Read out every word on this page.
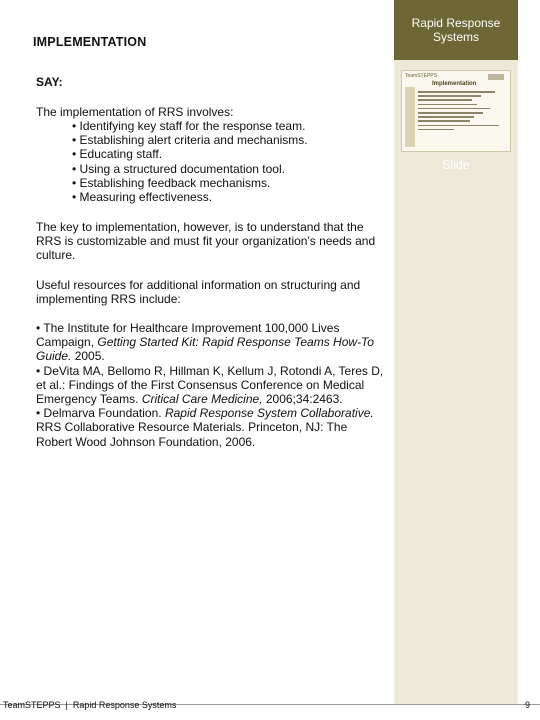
Rapid Response Systems
TeamSTEPPS
Implementation
Slide
IMPLEMENTATION
SAY:
The implementation of RRS involves:
• Identifying key staff for the response team.
• Establishing alert criteria and mechanisms.
• Educating staff.
• Using a structured documentation tool.
• Establishing feedback mechanisms.
• Measuring effectiveness.
The key to implementation, however, is to understand that the RRS is customizable and must fit your organization's needs and culture.
Useful resources for additional information on structuring and implementing RRS include:

• The Institute for Healthcare Improvement 100,000 Lives Campaign, Getting Started Kit: Rapid Response Teams How-To Guide. 2005.

• DeVita MA, Bellomo R, Hillman K, Kellum J, Rotondi A, Teres D, et al.: Findings of the First Consensus Conference on Medical Emergency Teams. Critical Care Medicine, 2006;34:2463.

• Delmarva Foundation. Rapid Response System Collaborative. RRS Collaborative Resource Materials. Princeton, NJ: The Robert Wood Johnson Foundation, 2006.

TeamSTEPPS  |  Rapid Response Systems	9
